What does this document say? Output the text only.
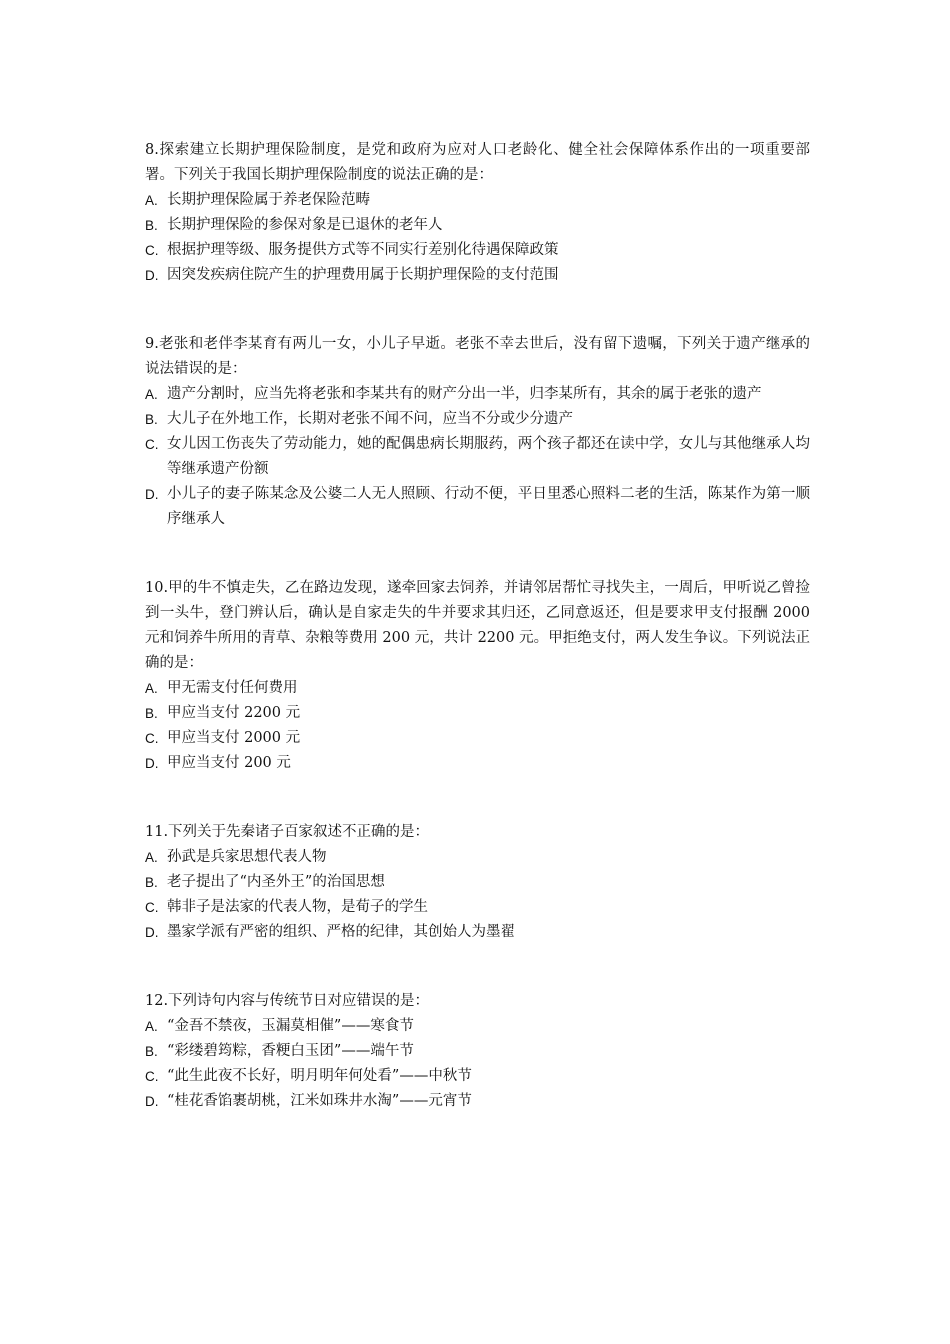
8.探索建立长期护理保险制度，是党和政府为应对人口老龄化、健全社会保障体系作出的一项重要部署。下列关于我国长期护理保险制度的说法正确的是：

A. 长期护理保险属于养老保险范畴
B. 长期护理保险的参保对象是已退休的老年人
C. 根据护理等级、服务提供方式等不同实行差别化待遇保障政策
D. 因突发疾病住院产生的护理费用属于长期护理保险的支付范围

9.老张和老伴李某育有两儿一女，小儿子早逝。老张不幸去世后，没有留下遗嘱，下列关于遗产继承的说法错误的是：

A. 遗产分割时，应当先将老张和李某共有的财产分出一半，归李某所有，其余的属于老张的遗产
B. 大儿子在外地工作，长期对老张不闻不问，应当不分或少分遗产
C. 女儿因工伤丧失了劳动能力，她的配偶患病长期服药，两个孩子都还在读中学，女儿与其他继承人均等继承遗产份额
D. 小儿子的妻子陈某念及公婆二人无人照顾、行动不便，平日里悉心照料二老的生活，陈某作为第一顺序继承人

10.甲的牛不慎走失，乙在路边发现，遂牵回家去饲养，并请邻居帮忙寻找失主，一周后，甲听说乙曾捡到一头牛，登门辨认后，确认是自家走失的牛并要求其归还，乙同意返还，但是要求甲支付报酬 2000 元和饲养牛所用的青草、杂粮等费用 200 元，共计 2200 元。甲拒绝支付，两人发生争议。下列说法正确的是：

A. 甲无需支付任何费用
B. 甲应当支付 2200 元
C. 甲应当支付 2000 元
D. 甲应当支付 200 元

11.下列关于先秦诸子百家叙述不正确的是：

A. 孙武是兵家思想代表人物
B. 老子提出了“内圣外王”的治国思想
C. 韩非子是法家的代表人物，是荀子的学生
D. 墨家学派有严密的组织、严格的纪律，其创始人为墨翟

12.下列诗句内容与传统节日对应错误的是：

A. “金吾不禁夜，玉漏莫相催”——寒食节
B. “彩缕碧筠粽，香粳白玉团”——端午节
C. “此生此夜不长好，明月明年何处看”——中秋节
D. “桂花香馅裹胡桃，江米如珠井水淘”——元宵节
